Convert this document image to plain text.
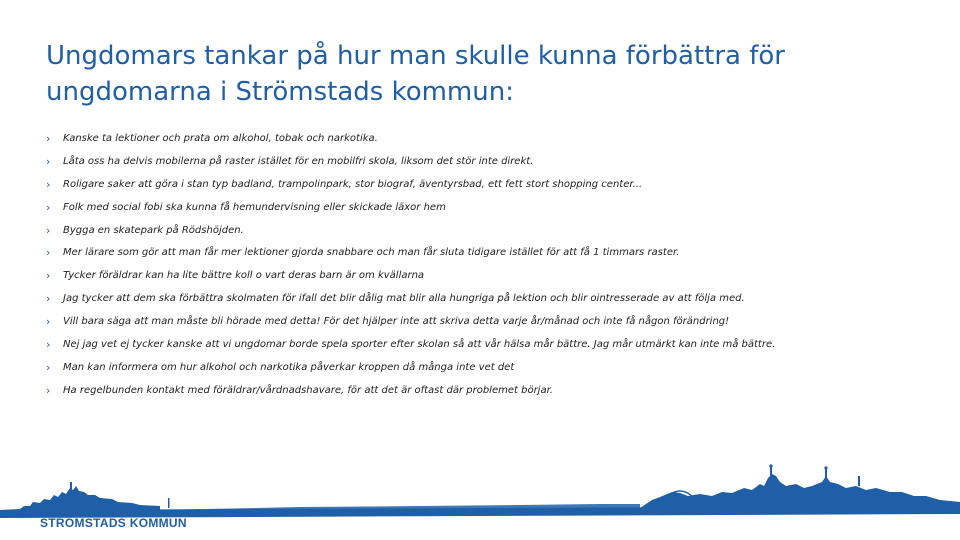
Ungdomars tankar på hur man skulle kunna förbättra för
ungdomarna i Strömstads kommun:
›	Kanske ta lektioner och prata om alkohol, tobak och narkotika.
›	Låta oss ha delvis mobilerna på raster istället för en mobilfri skola, liksom det stör inte direkt.
›	Roligare saker att göra i stan typ badland, trampolinpark, stor biograf, äventyrsbad, ett fett stort shopping center...
›	Folk med social fobi ska kunna få hemundervisning eller skickade läxor hem
›	Bygga en skatepark på Rödshöjden.
›	Mer lärare som gör att man får mer lektioner gjorda snabbare och man får sluta tidigare istället för att få 1 timmars raster.
›	Tycker föräldrar kan ha lite bättre koll o vart deras barn är om kvällarna
›	Jag tycker att dem ska förbättra skolmaten för ifall det blir dålig mat blir alla hungriga på lektion och blir ointresserade av att följa med.
›	Vill bara säga att man måste bli hörade med detta! För det hjälper inte att skriva detta varje år/månad och inte få någon förändring!
›	Nej jag vet ej tycker kanske att vi ungdomar borde spela sporter efter skolan så att vår hälsa mår bättre. Jag mår utmärkt kan inte må bättre.
›	Man kan informera om hur alkohol och narkotika påverkar kroppen då många inte vet det
›	Ha regelbunden kontakt med föräldrar/vårdnadshavare, för att det är oftast där problemet börjar.
STRÖMSTADS KOMMUN
